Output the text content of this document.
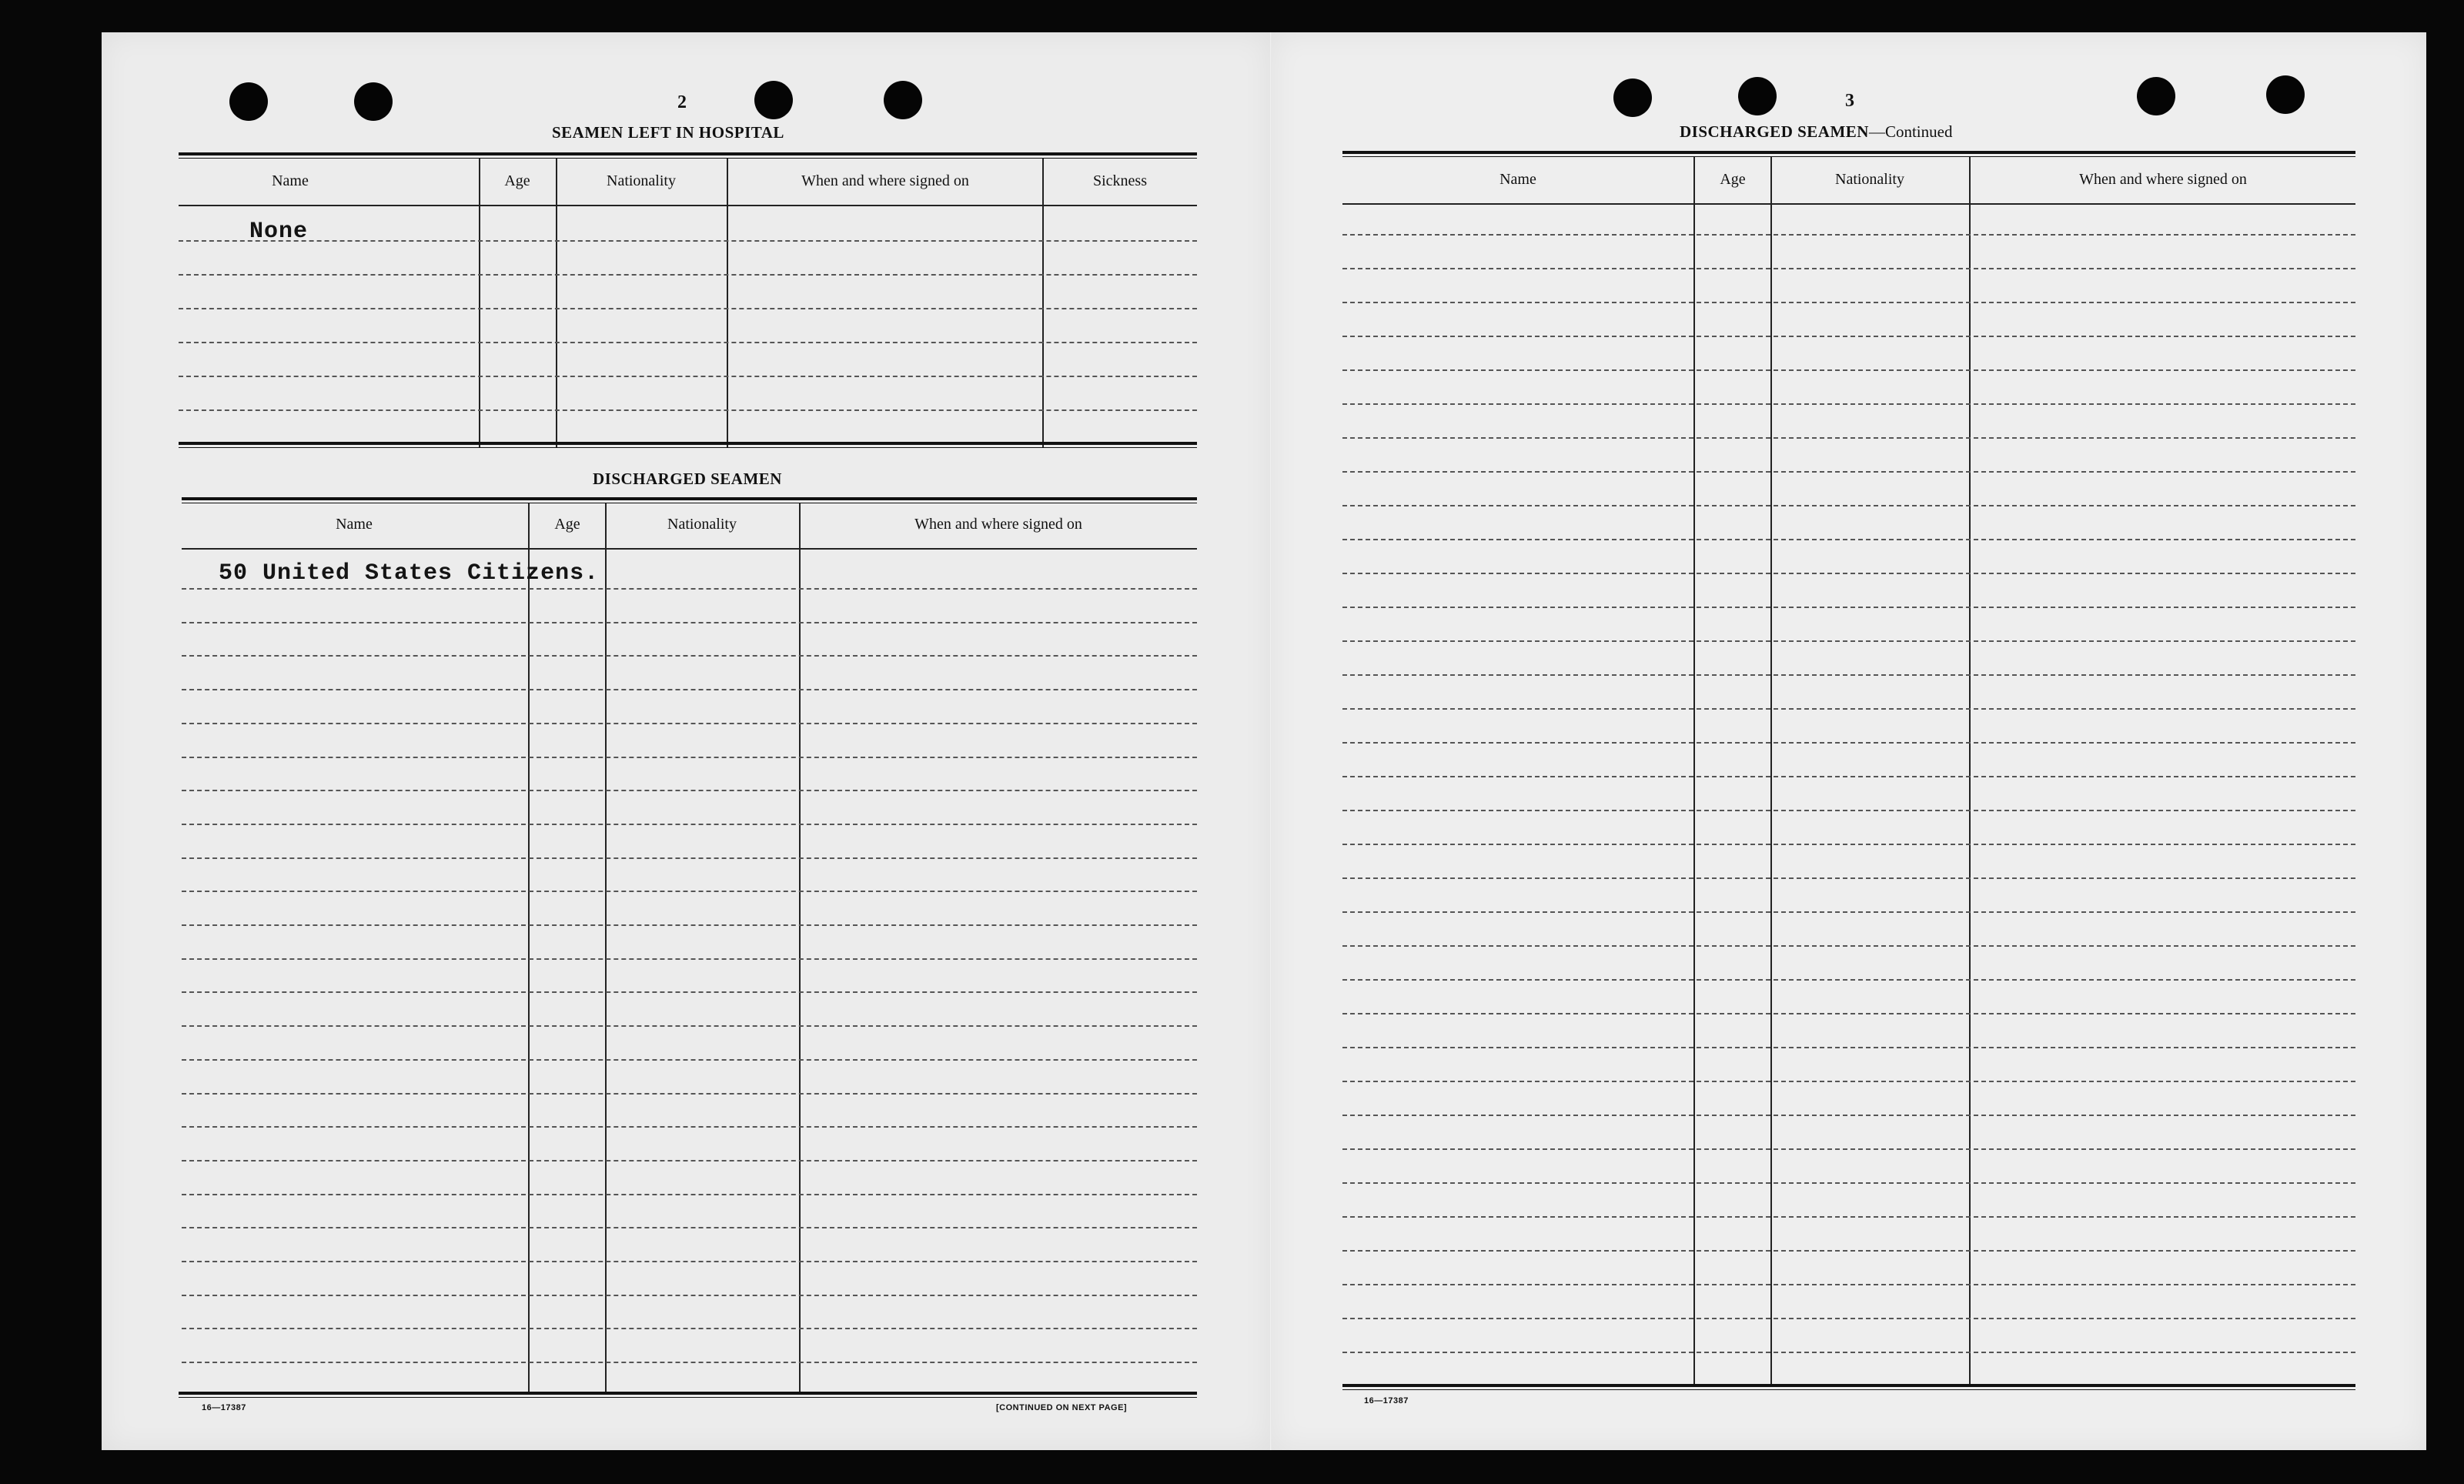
2
SEAMEN LEFT IN HOSPITAL
Name	Age	Nationality	When and where signed on	Sickness
None
DISCHARGED SEAMEN
Name	Age	Nationality	When and where signed on
50 United States Citizens.
16—17387	[CONTINUED ON NEXT PAGE]
3
DISCHARGED SEAMEN—Continued
Name	Age	Nationality	When and where signed on
16—17387
